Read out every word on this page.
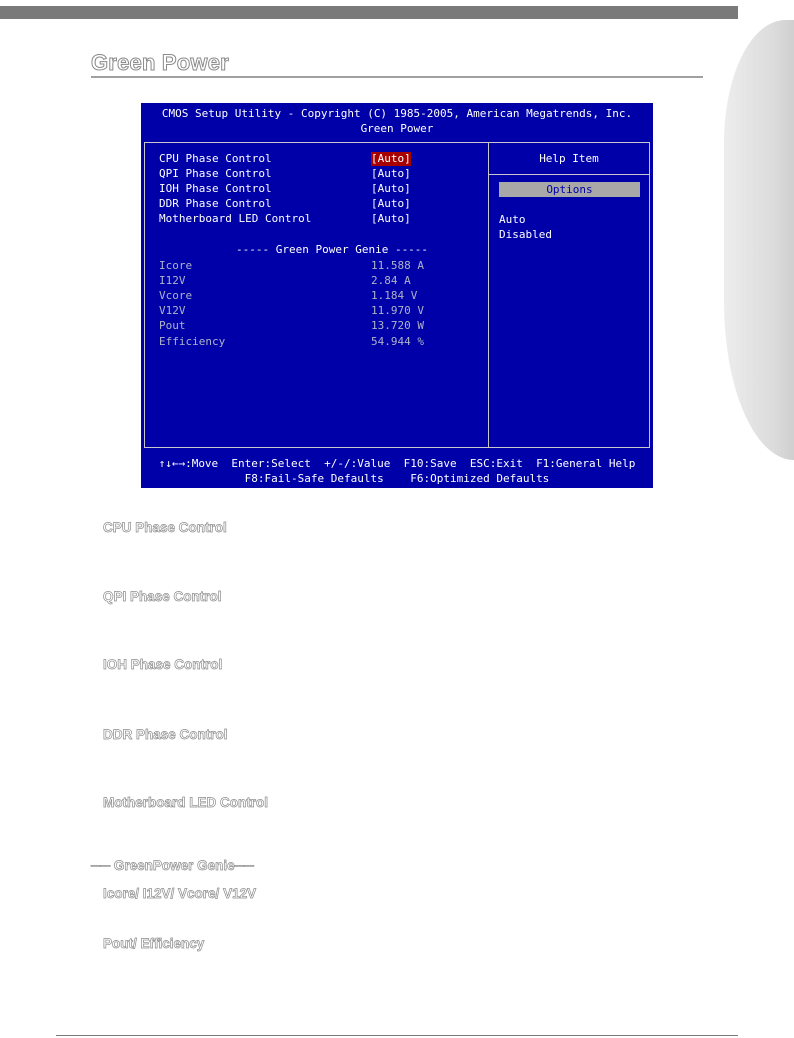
Green Power
CMOS Setup Utility - Copyright (C) 1985-2005, American Megatrends, Inc.
Green Power
CPU Phase Control	[Auto]
QPI Phase Control	[Auto]
IOH Phase Control	[Auto]
DDR Phase Control	[Auto]
Motherboard LED Control	[Auto]
----- Green Power Genie -----
Icore	11.588 A
I12V	2.84 A
Vcore	1.184 V
V12V	11.970 V
Pout	13.720 W
Efficiency	54.944 %
Help Item
Options
Auto
Disabled
↑↓←→:Move  Enter:Select  +/-/:Value  F10:Save  ESC:Exit  F1:General Help
F8:Fail-Safe Defaults    F6:Optimized Defaults
CPU Phase Control
QPI Phase Control
IOH Phase Control
DDR Phase Control
Motherboard LED Control
── GreenPower Genie──
Icore/ I12V/ Vcore/ V12V
Pout/ Efficiency
